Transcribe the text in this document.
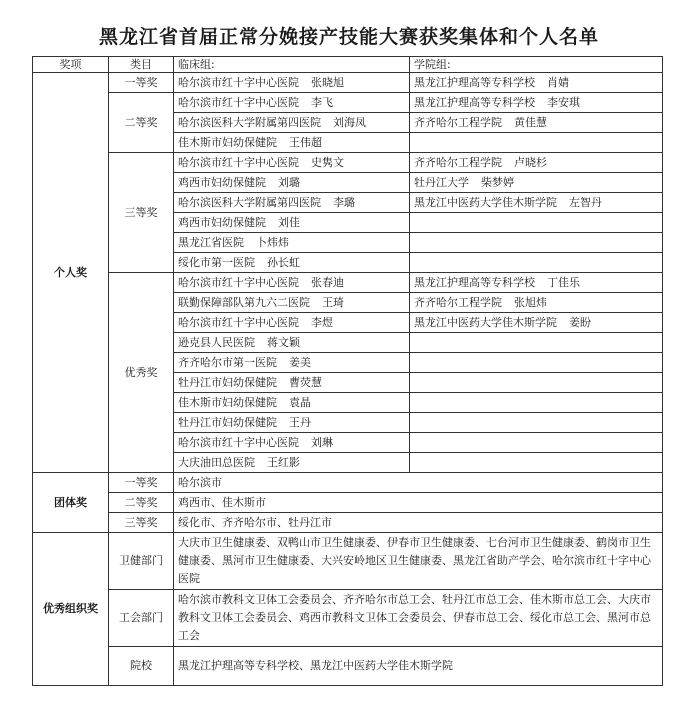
黑龙江省首届正常分娩接产技能大赛获奖集体和个人名单
奖项	类目	临床组:	学院组:
个人奖	一等奖	哈尔滨市红十字中心医院 张晓旭	黑龙江护理高等专科学校 肖婧
	二等奖	哈尔滨市红十字中心医院 李飞	黑龙江护理高等专科学校 李安琪
		哈尔滨医科大学附属第四医院 刘海凤	齐齐哈尔工程学院 黄佳慧
		佳木斯市妇幼保健院 王伟超	
	三等奖	哈尔滨市红十字中心医院 史隽文	齐齐哈尔工程学院 卢晓杉
		鸡西市妇幼保健院 刘璐	牡丹江大学 柴梦婷
		哈尔滨医科大学附属第四医院 李璐	黑龙江中医药大学佳木斯学院 左智丹
		鸡西市妇幼保健院 刘佳	
		黑龙江省医院 卜炜炜	
		绥化市第一医院 孙长虹	
	优秀奖	哈尔滨市红十字中心医院 张春迪	黑龙江护理高等专科学校 丁佳乐
		联勤保障部队第九六二医院 王琦	齐齐哈尔工程学院 张旭炜
		哈尔滨市红十字中心医院 李煜	黑龙江中医药大学佳木斯学院 姜盼
		逊克县人民医院 蒋文颖	
		齐齐哈尔市第一医院 姜美	
		牡丹江市妇幼保健院 曹荧慧	
		佳木斯市妇幼保健院 袁晶	
		牡丹江市妇幼保健院 王丹	
		哈尔滨市红十字中心医院 刘琳	
		大庆油田总医院 王红影	
团体奖	一等奖	哈尔滨市	
	二等奖	鸡西市、佳木斯市	
	三等奖	绥化市、齐齐哈尔市、牡丹江市	
优秀组织奖	卫健部门	大庆市卫生健康委、双鸭山市卫生健康委、伊春市卫生健康委、七台河市卫生健康委、鹤岗市卫生健康委、黑河市卫生健康委、大兴安岭地区卫生健康委、黑龙江省助产学会、哈尔滨市红十字中心医院	
	工会部门	哈尔滨市教科文卫体工会委员会、齐齐哈尔市总工会、牡丹江市总工会、佳木斯市总工会、大庆市教科文卫体工会委员会、鸡西市教科文卫体工会委员会、伊春市总工会、绥化市总工会、黑河市总工会	
	院校	黑龙江护理高等专科学校、黑龙江中医药大学佳木斯学院	
